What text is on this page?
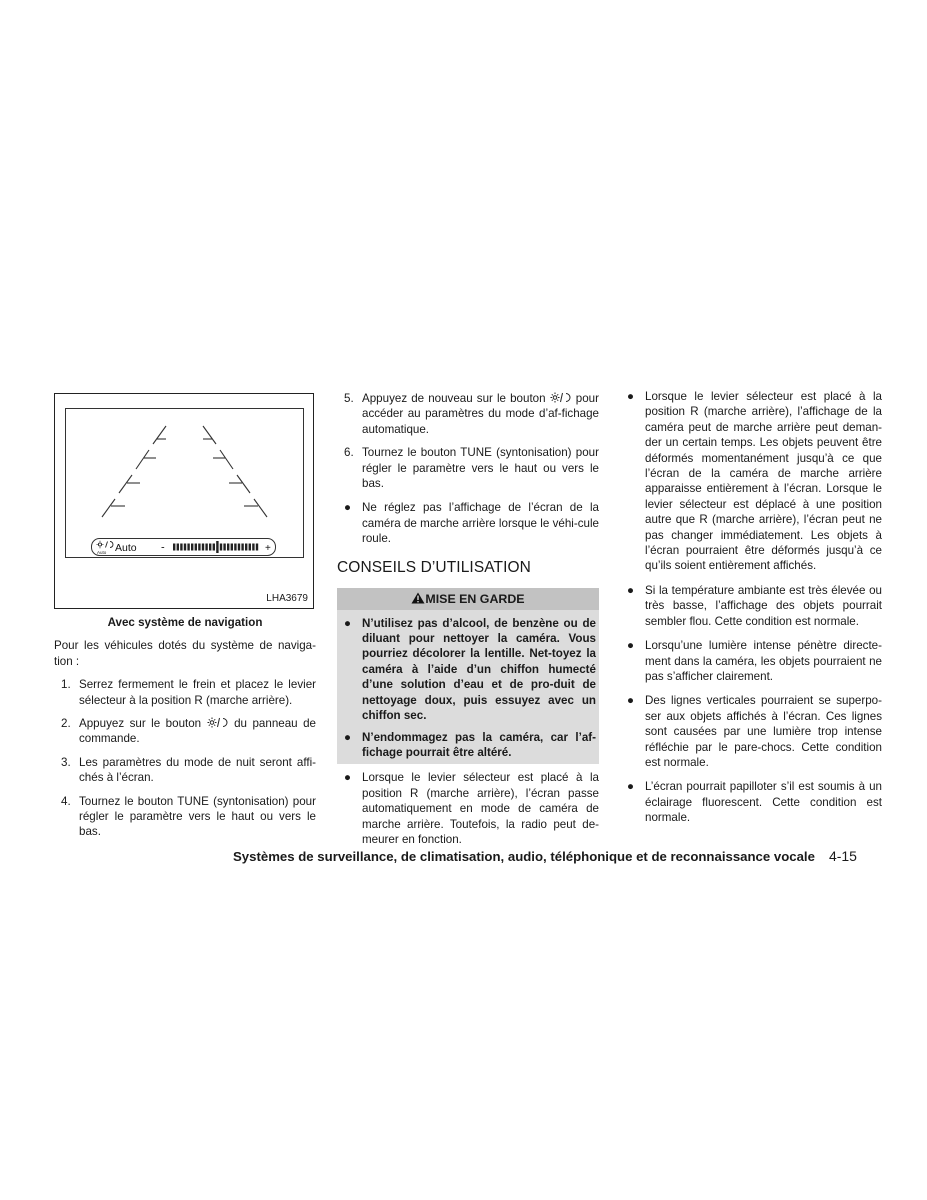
Auto Auto -	+
LHA3679

Avec système de navigation

Pour les véhicules dotés du système de naviga-tion :

1. Serrez fermement le frein et placez le levier sélecteur à la position R (marche arrière).
2. Appuyez sur le bouton	du panneau de commande.
3. Les paramètres du mode de nuit seront affi-chés à l’écran.
4. Tournez le bouton TUNE (syntonisation) pour régler le paramètre vers le haut ou vers le bas.
5. Appuyez de nouveau sur le bouton	pour accéder au paramètres du mode d’af-fichage automatique.
6. Tournez le bouton TUNE (syntonisation) pour régler le paramètre vers le haut ou vers le bas.
● Ne réglez pas l’affichage de l’écran de la caméra de marche arrière lorsque le véhi-cule roule.
CONSEILS D’UTILISATION
MISE EN GARDE
● N’utilisez pas d’alcool, de benzène ou de diluant pour nettoyer la caméra. Vous pourriez décolorer la lentille. Net-toyez la caméra à l’aide d’un chiffon humecté d’une solution d’eau et de pro-duit de nettoyage doux, puis essuyez avec un chiffon sec.
● N’endommagez pas la caméra, car l’af-fichage pourrait être altéré.
● Lorsque le levier sélecteur est placé à la position R (marche arrière), l’écran passe automatiquement en mode de caméra de marche arrière. Toutefois, la radio peut de-meurer en fonction.
● Lorsque le levier sélecteur est placé à la position R (marche arrière), l’affichage de la caméra peut de marche arrière peut deman-der un certain temps. Les objets peuvent être déformés momentanément jusqu’à ce que l’écran de la caméra de marche arrière apparaisse entièrement à l’écran. Lorsque le levier sélecteur est déplacé à une position autre que R (marche arrière), l’écran peut ne pas changer immédiatement. Les objets à l’écran pourraient être déformés jusqu’à ce qu’ils soient entièrement affichés.
● Si la température ambiante est très élevée ou très basse, l’affichage des objets pourrait sembler flou. Cette condition est normale.
● Lorsqu’une lumière intense pénètre directe-ment dans la caméra, les objets pourraient ne pas s’afficher clairement.
● Des lignes verticales pourraient se superpo-ser aux objets affichés à l’écran. Ces lignes sont causées par une lumière trop intense réfléchie par le pare-chocs. Cette condition est normale.
● L’écran pourrait papilloter s’il est soumis à un éclairage fluorescent. Cette condition est normale.
Systèmes de surveillance, de climatisation, audio, téléphonique et de reconnaissance vocale 4-15
